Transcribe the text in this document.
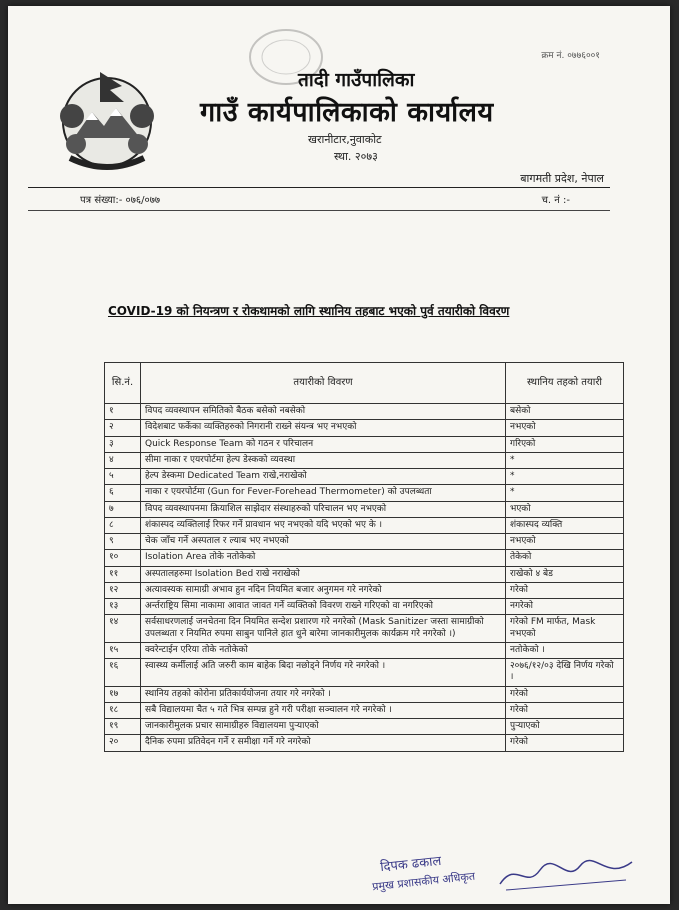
क्रम नं. ०७७६००१
तादी गाउँपालिका
गाउँ कार्यपालिकाको कार्यालय
खरानीटार,नुवाकोट
स्था. २०७३
बागमती प्रदेश, नेपाल
पत्र संख्या:- ०७६/०७७	च. नं :-
COVID-19 को नियन्त्रण र रोकथामको लागि स्थानिय तहबाट भएको पुर्व तयारीको विवरण
सि.नं.	तयारीको विवरण	स्थानिय तहको तयारी
१	विपद व्यवस्थापन समितिको बैठक बसेको नबसेको	बसेको
२	विदेशबाट फर्केका व्यक्तिहरुको निगरानी राख्ने संयन्त्र भए नभएको	नभएको
३	Quick Response Team को गठन र परिचालन	गरिएको
४	सीमा नाका र एयरपोर्टमा हेल्प डेस्कको व्यवस्था	*
५	हेल्प डेस्कमा Dedicated Team राखे,नराखेको	*
६	नाका र एयरपोर्टमा (Gun for Fever-Forehead Thermometer) को उपलब्धता	*
७	विपद व्यवस्थापनमा क्रियाशिल साझेदार संस्थाहरुको परिचालन भए नभएको	भएको
८	शंकास्पद व्यक्तिलाई रिफर गर्ने प्रावधान भए नभएको यदि भएको भए के ।	शंकास्पद व्यक्ति
९	चेक जाँच गर्ने अस्पताल र ल्याब भए नभएको	नभएको
१०	Isolation Area तोके नतोकेको	तेकेको
११	अस्पतालहरुमा Isolation Bed राखे नराखेको	राखेको ४ बेड
१२	अत्यावस्यक सामाग्री अभाव हुन नदिन नियमित बजार अनुगमन गरे नगरेको	गरेको
१३	अर्न्तराष्ट्रिय सिमा नाकामा आवात जावत गर्ने व्यक्तिको विवरण राख्ने गरिएको वा नगरिएको	नगरेको
१४	सर्वसाधरणलाई जनचेतना दिन नियमित सन्देश प्रशारण गरे नगरेको (Mask Sanitizer जस्ता सामाग्रीको उपलब्धता र नियमित रुपमा साबुन पानिले हात धुने बारेमा जानकारीमुलक कार्यक्रम गरे नगरेको ।)	गरेको FM मार्फत, Mask नभएको
१५	क्वरेन्टाईन एरिया तोके नतोकेको	नतोकेको ।
१६	स्वास्थ्य कर्मीलाई अति जरुरी काम बाहेक बिदा नछोड्ने निर्णय गरे नगरेको ।	२०७६/१२/०३ देखि निर्णय गरेको ।
१७	स्थानिय तहको कोरोना प्रतिकार्ययोजना तयार गरे नगरेको ।	गरेको
१८	सबै विद्यालयमा चैत ५ गते भित्र सम्पन्न हुने गरी परीक्षा सञ्चालन गरे नगरेको ।	गरेको
१९	जानकारीमुलक प्रचार सामाग्रीहरु विद्यालयमा पुऱ्याएको	पुऱ्याएको
२०	दैनिक रुपमा प्रतिवेदन गर्ने र समीक्षा गर्ने गरे नगरेको	गरेको
दिपक ढकाल
प्रमुख प्रशासकीय अधिकृत
